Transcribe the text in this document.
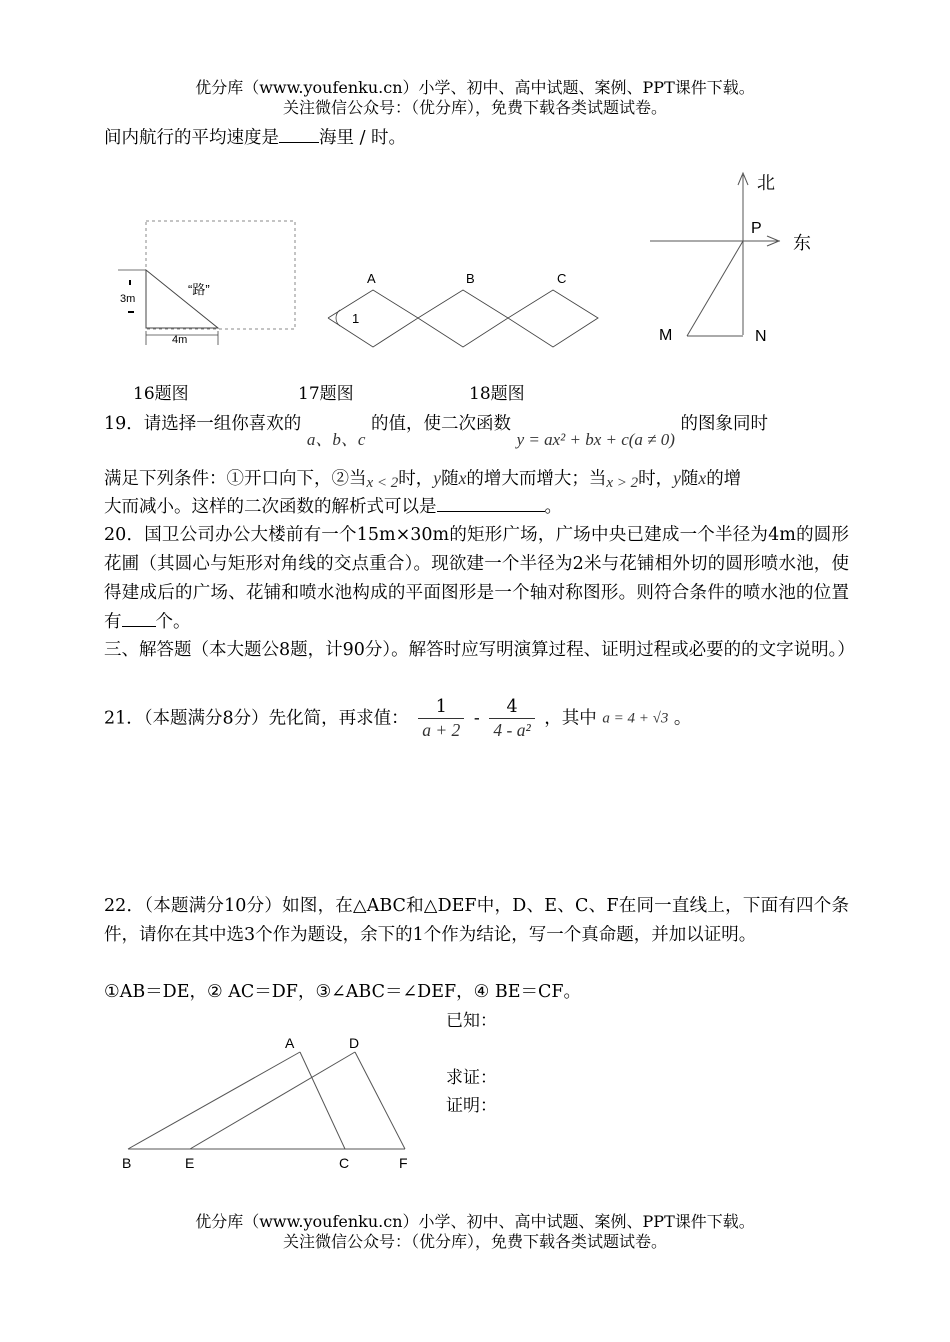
优分库（www.youfenku.cn）小学、初中、高中试题、案例、PPT课件下载。
关注微信公众号：（优分库），免费下载各类试题试卷。
间内航行的平均速度是 海里 / 时。
3m
“路”
4m
A	B	C
1
北
P
东
M	N
16题图	17题图	18题图
19．请选择一组你喜欢的 a、b、c 的值，使二次函数 y = ax² + bx + c(a ≠ 0) 的图象同时
满足下列条件：①开口向下，②当x < 2时，y随x的增大而增大；当x > 2时，y随x的增
大而减小。这样的二次函数的解析式可以是	。
20．国卫公司办公大楼前有一个15m×30m的矩形广场，广场中央已建成一个半径为4m的圆形花圃（其圆心与矩形对角线的交点重合）。现欲建一个半径为2米与花铺相外切的圆形喷水池，使得建成后的广场、花铺和喷水池构成的平面图形是一个轴对称图形。则符合条件的喷水池的位置有 个。
三、解答题（本大题公8题，计90分）。解答时应写明演算过程、证明过程或必要的的文字说明。）
21．（本题满分8分）先化简，再求值： $\frac{1}{a + 2} - \frac{4}{\text{4 - a²}}$ ，其中 a = 4 + √3 。
22．（本题满分10分）如图，在△ABC和△DEF中，D、E、C、F在同一直线上，下面有四个条件，请你在其中选3个作为题设，余下的1个作为结论，写一个真命题，并加以证明。
①AB＝DE，② AC＝DF，③∠ABC＝∠DEF，④ BE＝CF。
已知：
求证：
证明：
A	D
B	E	C	F
优分库（www.youfenku.cn）小学、初中、高中试题、案例、PPT课件下载。
关注微信公众号：（优分库），免费下载各类试题试卷。
